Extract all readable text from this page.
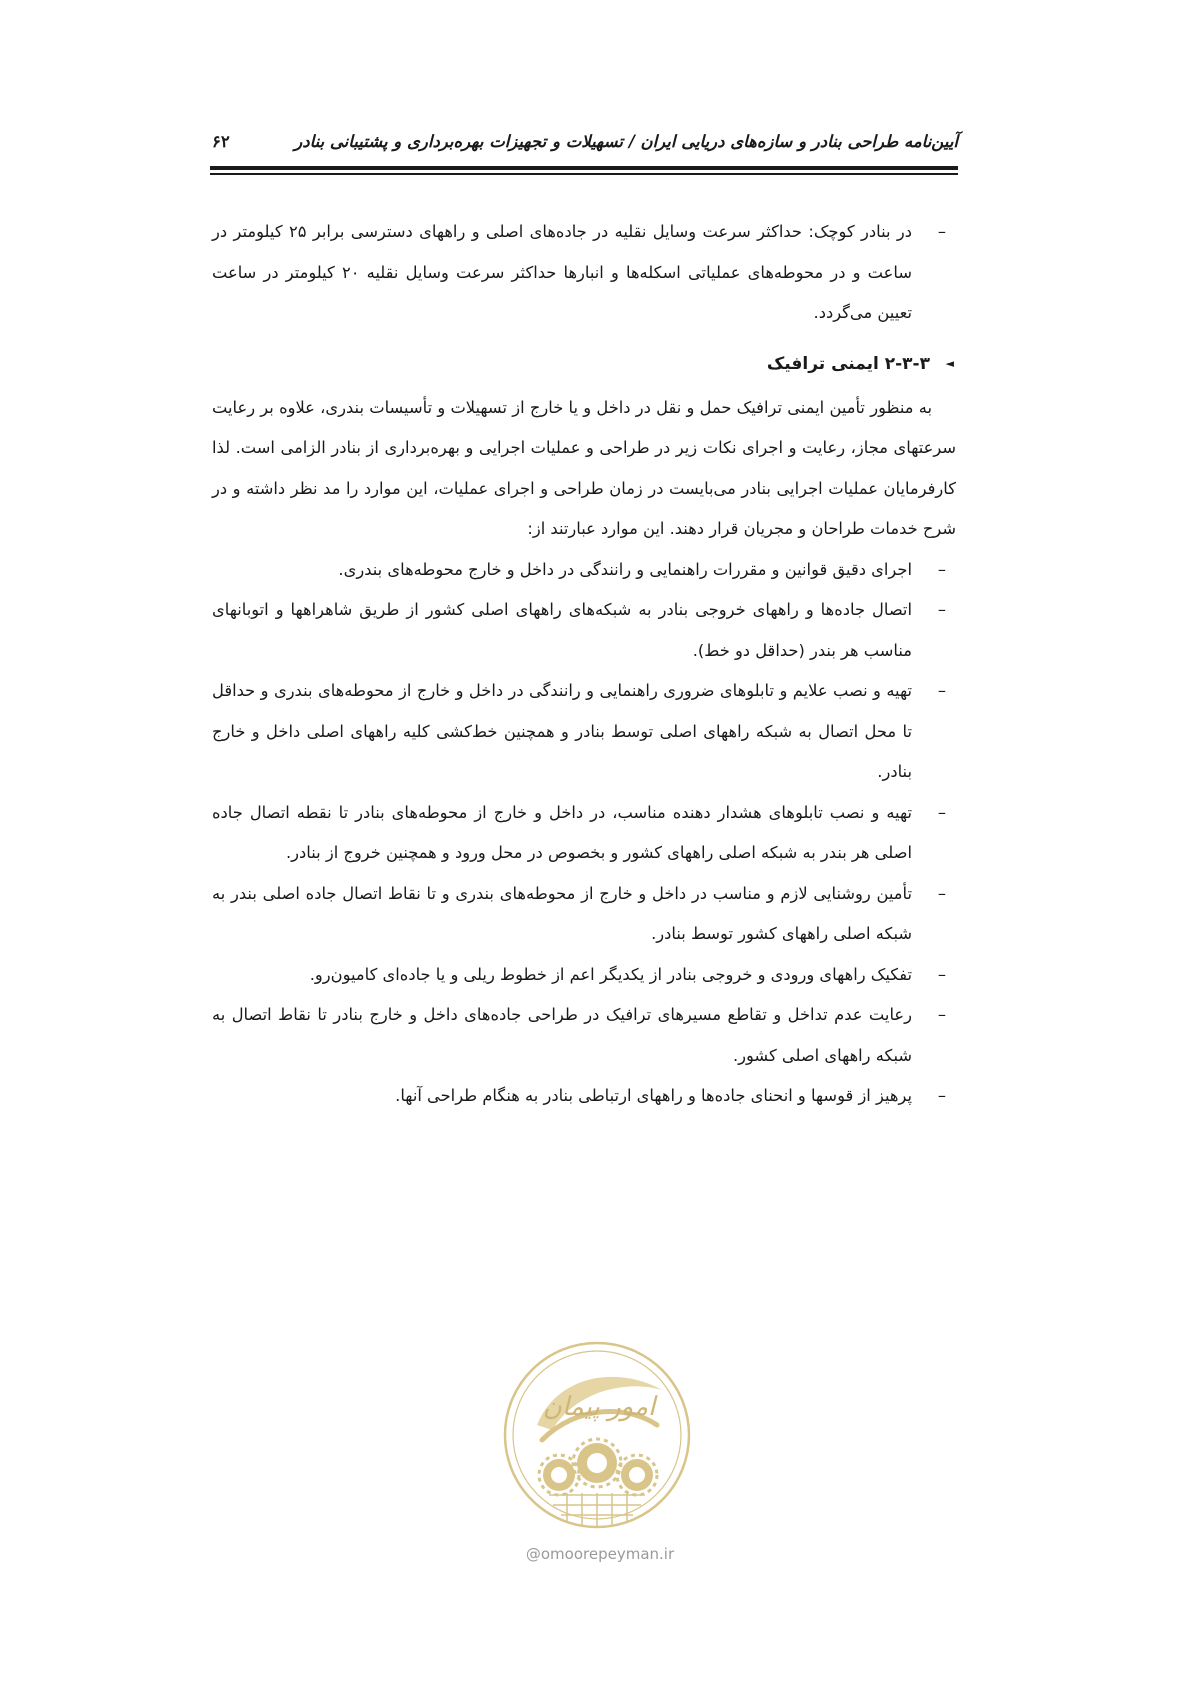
آیین‌نامه طراحی بنادر و سازه‌های دریایی ایران / تسهیلات و تجهیزات بهره‌برداری و پشتیبانی بنادر
۶۲

–
در بنادر کوچک: حداکثر سرعت وسایل نقلیه در جاده‌های اصلی و راههای دسترسی برابر ۲۵ کیلومتر در ساعت و در محوطه‌های عملیاتی اسکله‌ها و انبارها حداکثر سرعت وسایل نقلیه ۲۰ کیلومتر در ساعت تعیین می‌گردد.

◄
۲-۳-۳ ایمنی ترافیک

به منظور تأمین ایمنی ترافیک حمل و نقل در داخل و یا خارج از تسهیلات و تأسیسات بندری، علاوه بر رعایت سرعتهای مجاز، رعایت و اجرای نکات زیر در طراحی و عملیات اجرایی و بهره‌برداری از بنادر الزامی است. لذا کارفرمایان عملیات اجرایی بنادر می‌بایست در زمان طراحی و اجرای عملیات، این موارد را مد نظر داشته و در شرح خدمات طراحان و مجریان قرار دهند. این موارد عبارتند از:

–
اجرای دقیق قوانین و مقررات راهنمایی و رانندگی در داخل و خارج محوطه‌های بندری.

–
اتصال جاده‌ها و راههای خروجی بنادر به شبکه‌های راههای اصلی کشور از طریق شاهراهها و اتوبانهای مناسب هر بندر (حداقل دو خط).

–
تهیه و نصب علایم و تابلوهای ضروری راهنمایی و رانندگی در داخل و خارج از محوطه‌های بندری و حداقل تا محل اتصال به شبکه راههای اصلی توسط بنادر و همچنین خط‌کشی کلیه راههای اصلی داخل و خارج بنادر.

–
تهیه و نصب تابلوهای هشدار دهنده مناسب، در داخل و خارج از محوطه‌های بنادر تا نقطه اتصال جاده اصلی هر بندر به شبکه اصلی راههای کشور و بخصوص در محل ورود و همچنین خروج از بنادر.

–
تأمین روشنایی لازم و مناسب در داخل و خارج از محوطه‌های بندری و تا نقاط اتصال جاده اصلی بندر به شبکه اصلی راههای کشور توسط بنادر.

–
تفکیک راههای ورودی و خروجی بنادر از یکدیگر اعم از خطوط ریلی و یا جاده‌ای کامیون‌رو.

–
رعایت عدم تداخل و تقاطع مسیرهای ترافیک در طراحی جاده‌های داخل و خارج بنادر تا نقاط اتصال به شبکه راههای اصلی کشور.

–
پرهیز از قوسها و انحنای جاده‌ها و راههای ارتباطی بنادر به هنگام طراحی آنها.

امور پیمان
@omoorepeyman.ir
